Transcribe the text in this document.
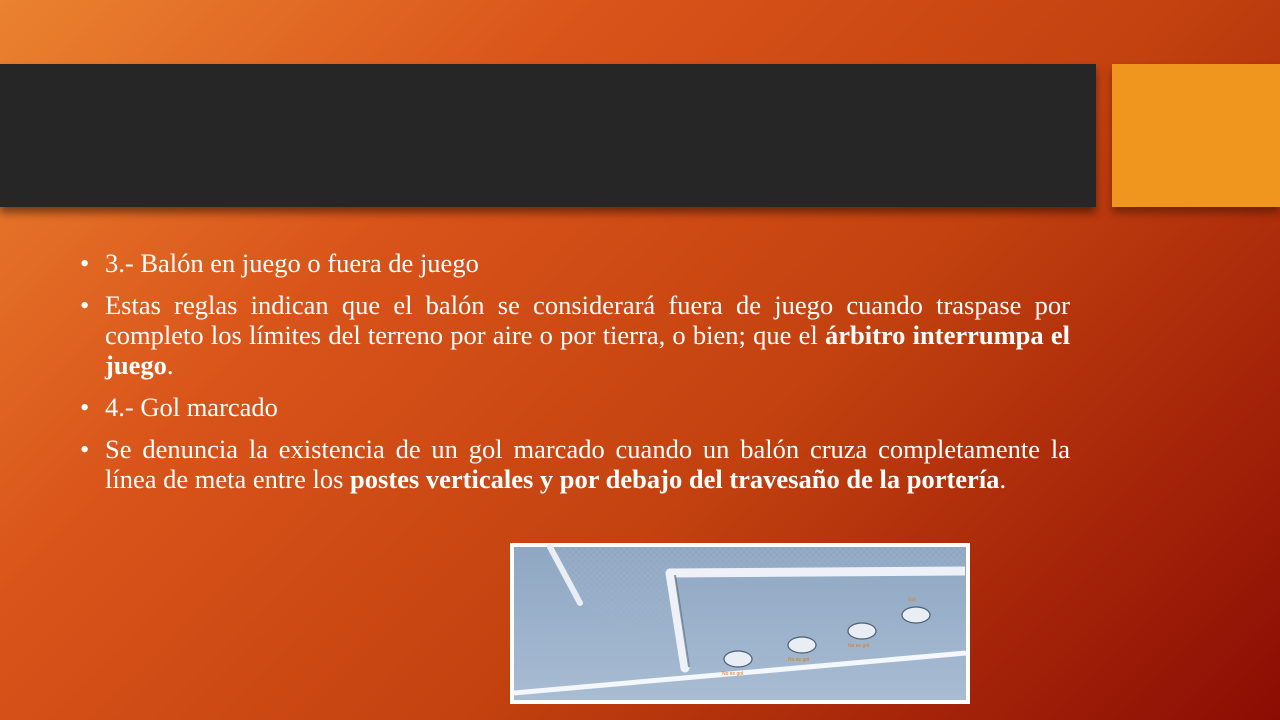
• 3.- Balón en juego o fuera de juego
• Estas reglas indican que el balón se considerará fuera de juego cuando traspase por completo los límites del terreno por aire o por tierra, o bien; que el árbitro interrumpa el juego.
• 4.- Gol marcado
• Se denuncia la existencia de un gol marcado cuando un balón cruza completamente la línea de meta entre los postes verticales y por debajo del travesaño de la portería.
No es gol
No es gol
No es gol
Gol
